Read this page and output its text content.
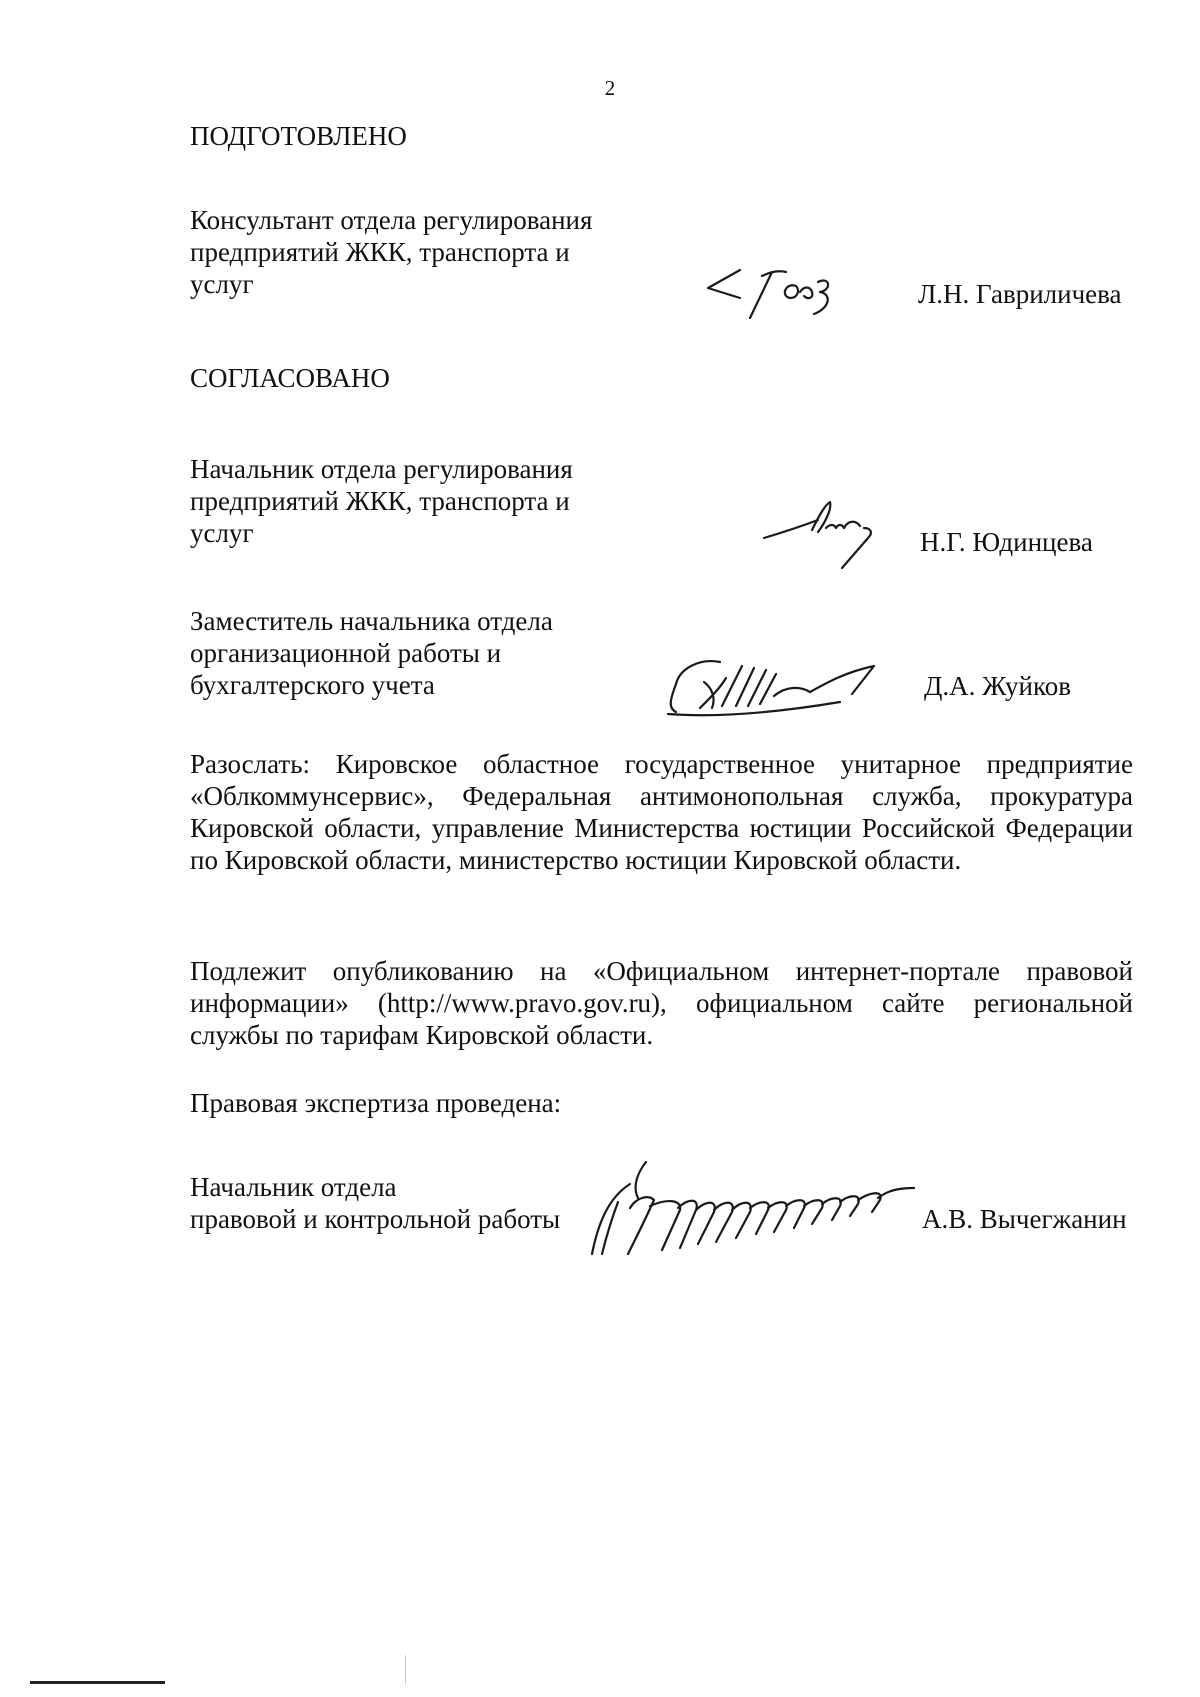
2
ПОДГОТОВЛЕНО
Консультант отдела регулирования
предприятий ЖКК, транспорта и
услуг	Л.Н. Гавриличева
СОГЛАСОВАНО
Начальник отдела регулирования
предприятий ЖКК, транспорта и
услуг	Н.Г. Юдинцева
Заместитель начальника отдела
организационной работы и
бухгалтерского учета	Д.А. Жуйков

Разослать: Кировское областное государственное унитарное предприятие «Облкоммунсервис», Федеральная антимонопольная служба, прокуратура Кировской области, управление Министерства юстиции Российской Федерации по Кировской области, министерство юстиции Кировской области.

Подлежит опубликованию на «Официальном интернет-портале правовой информации» (http://www.pravo.gov.ru), официальном сайте региональной службы по тарифам Кировской области.

Правовая экспертиза проведена:
Начальник отдела
правовой и контрольной работы	А.В. Вычегжанин
